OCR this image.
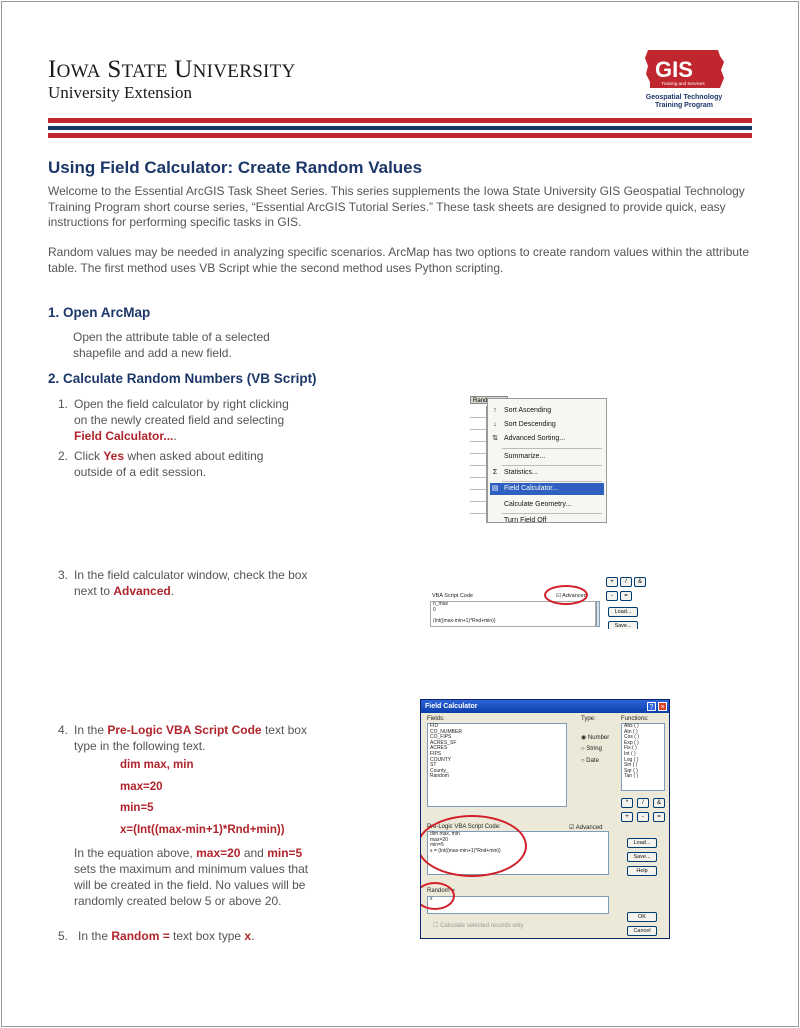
IOWA STATE UNIVERSITY
University Extension
GIS
Training and Services
Geospatial Technology
Training Program
Using Field Calculator: Create Random Values
Welcome to the Essential ArcGIS Task Sheet Series. This series supplements the Iowa State University GIS Geospatial Technology Training Program short course series, “Essential ArcGIS Tutorial Series.” These task sheets are designed to provide quick, easy instructions for performing specific tasks in GIS.
Random values may be needed in analyzing specific scenarios. ArcMap has two options to create random values within the attribute table. The first method uses VB Script whie the second method uses Python scripting.
1. Open ArcMap
Open the attribute table of a selected shapefile and add a new field.
2. Calculate Random Numbers (VB Script)
1. Open the field calculator by right clicking on the newly created field and selecting Field Calculator....
2. Click Yes when asked about editing outside of a edit session.
3. In the field calculator window, check the box next to Advanced.
4. In the Pre-Logic VBA Script Code text box type in the following text.
dim max, min
max=20
min=5
x=(Int((max-min+1)*Rnd+min))
In the equation above, max=20 and min=5 sets the maximum and minimum values that will be created in the field. No values will be randomly created below 5 or above 20.
5. In the Random = text box type x.
Rand
↑ Sort Ascending
↓ Sort Descending
⇅ Advanced Sorting...
Summarize...
Σ Statistics...
▤ Field Calculator...
Calculate Geometry...
Turn Field Off
+	/	&
-	=
VBA Script Code
n_max
0
(Int((max-min+1)*Rnd+min))
☑ Advanced
Load...
Save...
Field Calculator	?	×
Fields:
FID
CO_NUMBER
CO_FIPS
ACRES_SF
ACRES
FIPS
COUNTY
ST
County_
Random
Type:
◉ Number
○ String
○ Date
Functions:
Abs ( )
Atn ( )
Cos ( )
Exp ( )
Fix ( )
Int ( )
Log ( )
Sin ( )
Sqr ( )
Tan ( )
*	/	&
+	-	=
Pre-Logic VBA Script Code:	☑ Advanced
dim max, min
max=20
min=5
x = (Int((max-min+1)*Rnd+min))
Load...
Save...
Help
Random =
x
☐ Calculate selected records only
OK
Cancel
